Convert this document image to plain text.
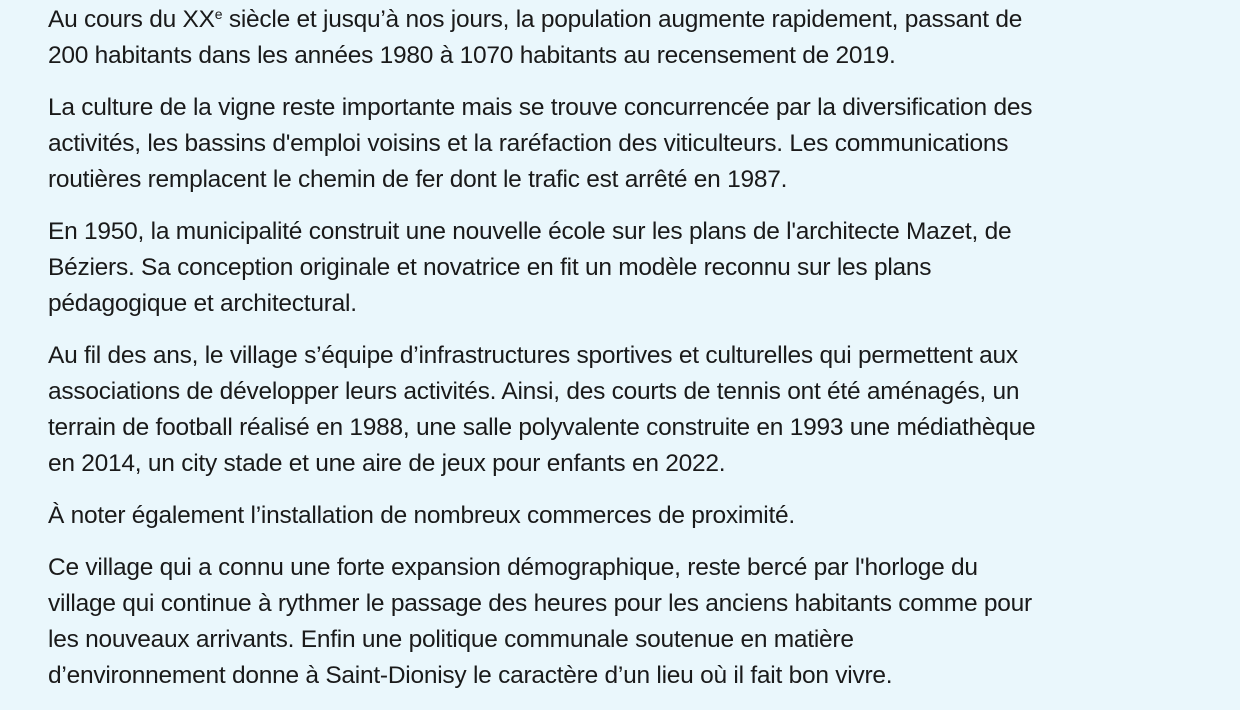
Au cours du XXe siècle et jusqu’à nos jours, la population augmente rapidement, passant de
200 habitants dans les années 1980 à 1070 habitants au recensement de 2019.

La culture de la vigne reste importante mais se trouve concurrencée par la diversification des
activités, les bassins d'emploi voisins et la raréfaction des viticulteurs. Les communications
routières remplacent le chemin de fer dont le trafic est arrêté en 1987.

En 1950, la municipalité construit une nouvelle école sur les plans de l'architecte Mazet, de
Béziers. Sa conception originale et novatrice en fit un modèle reconnu sur les plans
pédagogique et architectural.

Au fil des ans, le village s’équipe d’infrastructures sportives et culturelles qui permettent aux
associations de développer leurs activités. Ainsi, des courts de tennis ont été aménagés, un
terrain de football réalisé en 1988, une salle polyvalente construite en 1993 une médiathèque
en 2014, un city stade et une aire de jeux pour enfants en 2022.

À noter également l’installation de nombreux commerces de proximité.

Ce village qui a connu une forte expansion démographique, reste bercé par l'horloge du
village qui continue à rythmer le passage des heures pour les anciens habitants comme pour
les nouveaux arrivants. Enfin une politique communale soutenue en matière
d’environnement donne à Saint-Dionisy le caractère d’un lieu où il fait bon vivre.
